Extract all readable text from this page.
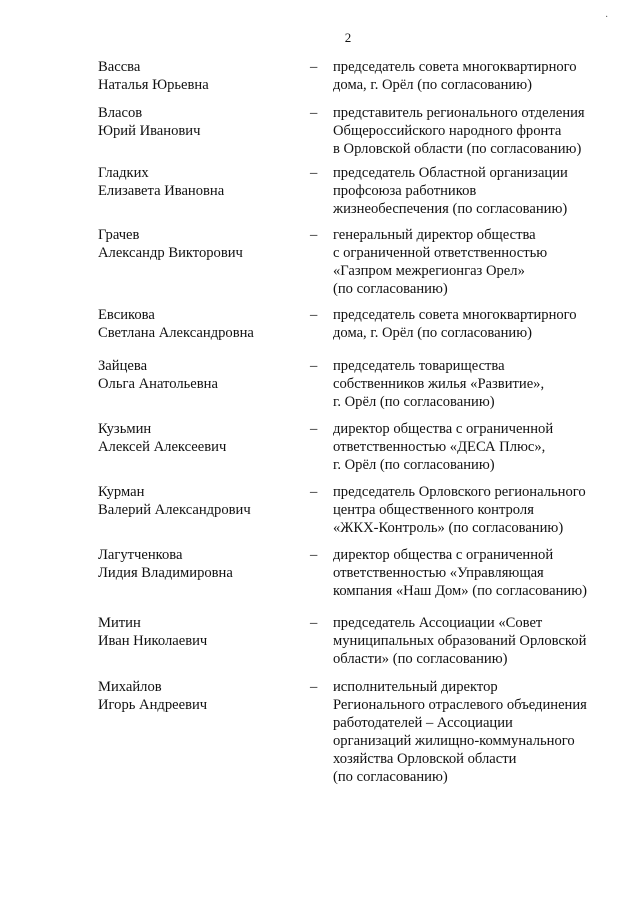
2
·
Вассва
Наталья Юрьевна
– председатель совета многоквартирного
дома, г. Орёл (по согласованию)
Власов
Юрий Иванович
– представитель регионального отделения
Общероссийского народного фронта
в Орловской области (по согласованию)
Гладких
Елизавета Ивановна
– председатель Областной организации
профсоюза работников
жизнеобеспечения (по согласованию)
Грачев
Александр Викторович
– генеральный директор общества
с ограниченной ответственностью
«Газпром межрегионгаз Орел»
(по согласованию)
Евсикова
Светлана Александровна
– председатель совета многоквартирного
дома, г. Орёл (по согласованию)
Зайцева
Ольга Анатольевна
– председатель товарищества
собственников жилья «Развитие»,
г. Орёл (по согласованию)
Кузьмин
Алексей Алексеевич
– директор общества с ограниченной
ответственностью «ДЕСА Плюс»,
г. Орёл (по согласованию)
Курман
Валерий Александрович
– председатель Орловского регионального
центра общественного контроля
«ЖКХ-Контроль» (по согласованию)
Лагутченкова
Лидия Владимировна
– директор общества с ограниченной
ответственностью «Управляющая
компания «Наш Дом» (по согласованию)
Митин
Иван Николаевич
– председатель Ассоциации «Совет
муниципальных образований Орловской
области» (по согласованию)
Михайлов
Игорь Андреевич
– исполнительный директор
Регионального отраслевого объединения
работодателей – Ассоциации
организаций жилищно-коммунального
хозяйства Орловской области
(по согласованию)
